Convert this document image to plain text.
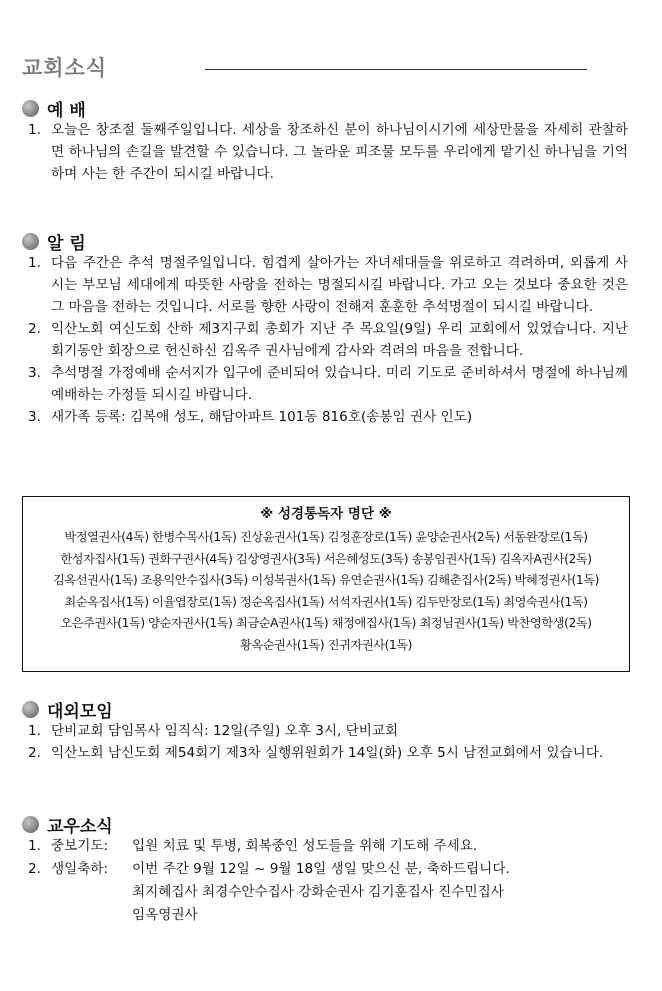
교회소식
예 배
1. 오늘은 창조절 둘째주일입니다. 세상을 창조하신 분이 하나님이시기에 세상만물을 자세히 관찰하면 하나님의 손길을 발견할 수 있습니다. 그 놀라운 피조물 모두를 우리에게 맡기신 하나님을 기억하며 사는 한 주간이 되시길 바랍니다.
알 림
1. 다음 주간은 추석 명절주일입니다. 힘겹게 살아가는 자녀세대들을 위로하고 격려하며, 외롭게 사시는 부모님 세대에게 따뜻한 사랑을 전하는 명절되시길 바랍니다. 가고 오는 것보다 중요한 것은 그 마음을 전하는 것입니다. 서로를 향한 사랑이 전해져 훈훈한 추석명절이 되시길 바랍니다.
2. 익산노회 여신도회 산하 제3지구회 총회가 지난 주 목요일(9일) 우리 교회에서 있었습니다. 지난 회기동안 회장으로 헌신하신 김옥주 권사님에게 감사와 격려의 마음을 전합니다.
3. 추석명절 가정예배 순서지가 입구에 준비되어 있습니다. 미리 기도로 준비하셔서 명절에 하나님께 예배하는 가정들 되시길 바랍니다.
3. 새가족 등록: 김복애 성도, 해담아파트 101동 816호(송봉임 권사 인도)
※ 성경통독자 명단 ※
박정열권사(4독) 한병수목사(1독) 진상윤권사(1독) 김정훈장로(1독) 윤양순권사(2독) 서동완장로(1독)
한성자집사(1독) 권화구권사(4독) 김상영권사(3독) 서은혜성도(3독) 송봉임권사(1독) 김옥자A권사(2독)
김옥선권사(1독) 조용익안수집사(3독) 이성복권사(1독) 유연순권사(1독) 김해춘집사(2독) 박혜정권사(1독)
최순옥집사(1독) 이율엽장로(1독) 정순옥집사(1독) 서석자권사(1독) 김두만장로(1독) 최영숙권사(1독)
오은주권사(1독) 양순자권사(1독) 최금순A권사(1독) 채정애집사(1독) 최정님권사(1독) 박찬영학생(2독)
황옥순권사(1독) 진귀자권사(1독)
대외모임
1. 단비교회 담임목사 임직식: 12일(주일) 오후 3시, 단비교회
2. 익산노회 남신도회 제54회기 제3차 실행위원회가 14일(화) 오후 5시 남전교회에서 있습니다.
교우소식
1. 중보기도: 입원 치료 및 투병, 회복중인 성도들을 위해 기도해 주세요.
2. 생일축하: 이번 주간 9월 12일 ~ 9월 18일 생일 맞으신 분, 축하드립니다.
최지혜집사 최경수안수집사 강화순권사 김기훈집사 진수민집사
임옥영권사
